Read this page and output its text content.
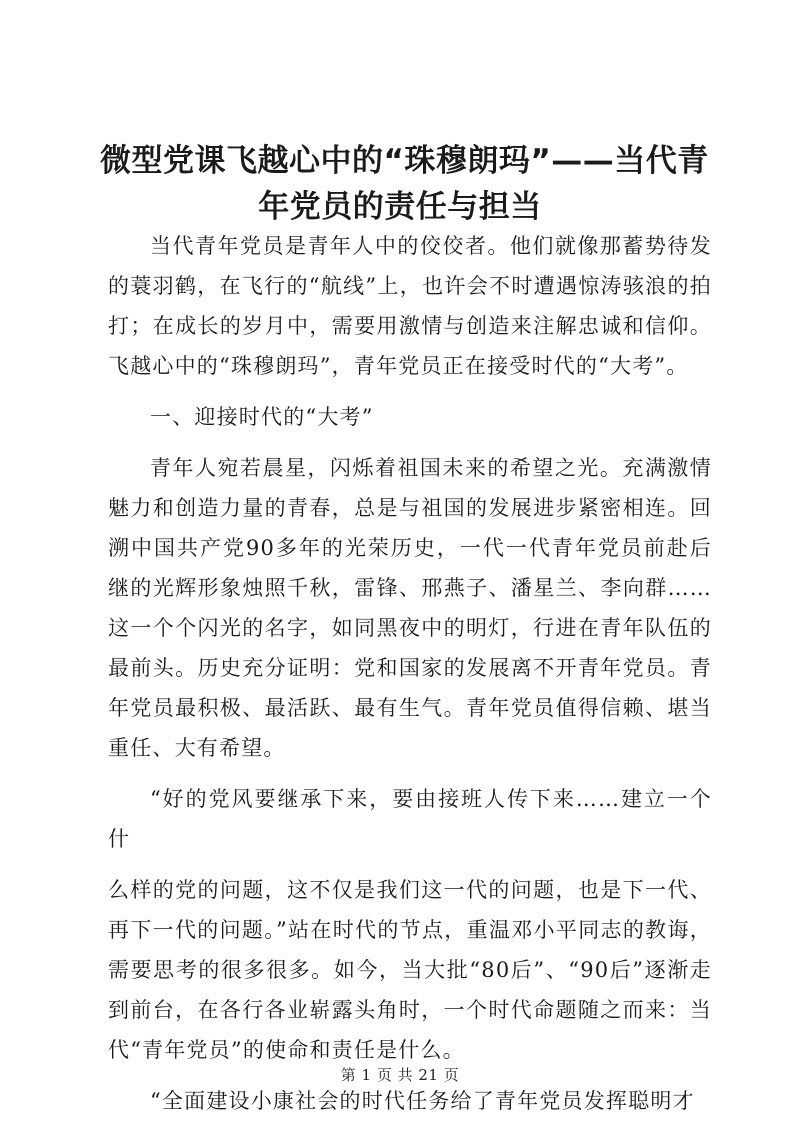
微型党课飞越心中的“珠穆朗玛”——当代青
年党员的责任与担当

当代青年党员是青年人中的佼佼者。他们就像那蓄势待发的蓑羽鹤，在飞行的“航线”上，也许会不时遭遇惊涛骇浪的拍打；在成长的岁月中，需要用激情与创造来注解忠诚和信仰。飞越心中的“珠穆朗玛”，青年党员正在接受时代的“大考”。

一、迎接时代的“大考”

青年人宛若晨星，闪烁着祖国未来的希望之光。充满激情魅力和创造力量的青春，总是与祖国的发展进步紧密相连。回溯中国共产党90多年的光荣历史，一代一代青年党员前赴后继的光辉形象烛照千秋，雷锋、邢燕子、潘星兰、李向群……这一个个闪光的名字，如同黑夜中的明灯，行进在青年队伍的最前头。历史充分证明：党和国家的发展离不开青年党员。青年党员最积极、最活跃、最有生气。青年党员值得信赖、堪当重任、大有希望。

“好的党风要继承下来，要由接班人传下来……建立一个什

么样的党的问题，这不仅是我们这一代的问题，也是下一代、再下一代的问题。”站在时代的节点，重温邓小平同志的教诲，需要思考的很多很多。如今，当大批“80后”、“90后”逐渐走到前台，在各行各业崭露头角时，一个时代命题随之而来：当代“青年党员”的使命和责任是什么。

“全面建设小康社会的时代任务给了青年党员发挥聪明才

第 1 页 共 21 页
